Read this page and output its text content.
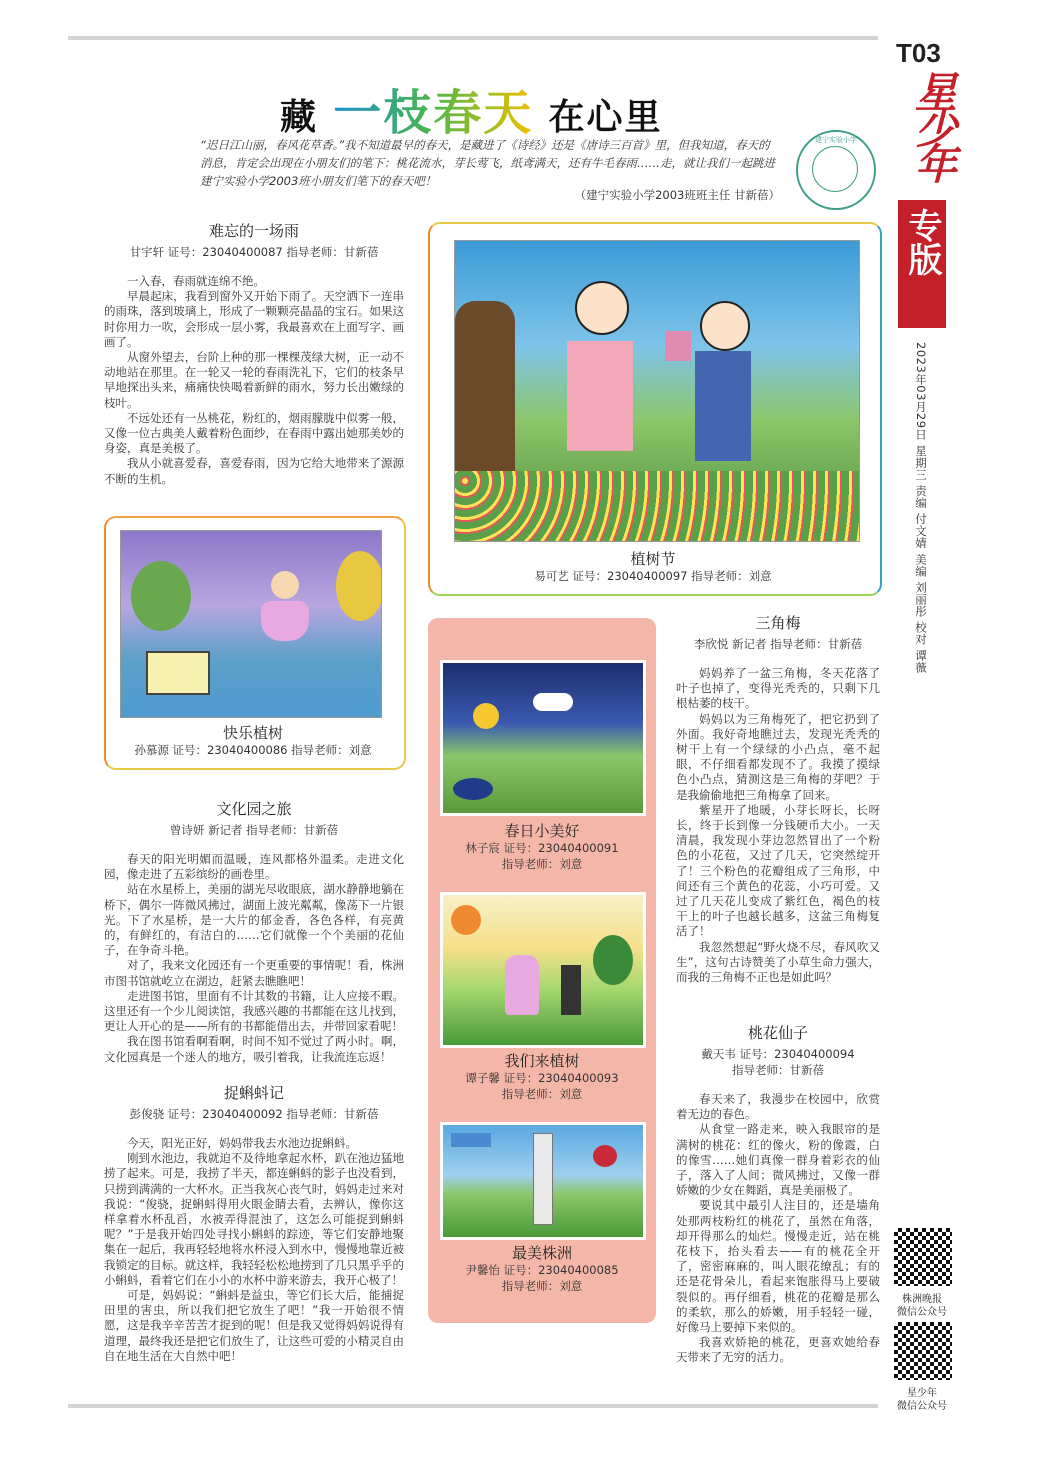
T03
星少年
专版
2023年03月29日 星期三 责编 付文婧 美编 刘丽彤 校对 谭薇
藏 一枝春天 在心里
“迟日江山丽，春风花草香。”我不知道最早的春天，是藏进了《诗经》还是《唐诗三百首》里，但我知道，春天的消息，肯定会出现在小朋友们的笔下：桃花流水，芽长莺飞，纸鸢满天，还有牛毛春雨……走，就让我们一起跳进建宁实验小学2003班小朋友们笔下的春天吧！
（建宁实验小学2003班班主任 甘新蓓）
建宁实验小学
难忘的一场雨
甘宇轩 证号：23040400087 指导老师：甘新蓓

一入春，春雨就连绵不绝。

早晨起床，我看到窗外又开始下雨了。天空洒下一连串的雨珠，落到玻璃上，形成了一颗颗亮晶晶的宝石。如果这时你用力一吹，会形成一层小雾，我最喜欢在上面写字、画画了。

从窗外望去，台阶上种的那一棵棵茂绿大树，正一动不动地站在那里。在一轮又一轮的春雨洗礼下，它们的枝条早早地探出头来，痛痛快快喝着新鲜的雨水，努力长出嫩绿的枝叶。

不远处还有一丛桃花，粉红的，烟雨朦胧中似雾一般，又像一位古典美人戴着粉色面纱，在春雨中露出她那美妙的身姿，真是美极了。

我从小就喜爱春，喜爱春雨，因为它给大地带来了源源不断的生机。

快乐植树
孙慕源 证号：23040400086 指导老师：刘意
文化园之旅
曾诗妍 新记者 指导老师：甘新蓓

春天的阳光明媚而温暖，连风都格外温柔。走进文化园，像走进了五彩缤纷的画卷里。

站在水星桥上，美丽的湖光尽收眼底，湖水静静地躺在桥下，偶尔一阵微风拂过，湖面上波光粼粼，像荡下一片银光。下了水星桥，是一大片的郁金香，各色各样，有亮黄的，有鲜红的，有洁白的……它们就像一个个美丽的花仙子，在争奇斗艳。

对了，我来文化园还有一个更重要的事情呢！看，株洲市图书馆就屹立在湖边，赶紧去瞧瞧吧！

走进图书馆，里面有不计其数的书籍，让人应接不暇。这里还有一个少儿阅读馆，我感兴趣的书都能在这儿找到，更让人开心的是——所有的书都能借出去，并带回家看呢！

我在图书馆看啊看啊，时间不知不觉过了两小时。啊，文化园真是一个迷人的地方，吸引着我，让我流连忘返！

捉蝌蚪记
彭俊骁 证号：23040400092 指导老师：甘新蓓

今天，阳光正好，妈妈带我去水池边捉蝌蚪。

刚到水池边，我就迫不及待地拿起水杯，趴在池边猛地捞了起来。可是，我捞了半天，都连蝌蚪的影子也没看到，只捞到满满的一大杯水。正当我灰心丧气时，妈妈走过来对我说：“俊骁，捉蝌蚪得用火眼金睛去看，去辨认，像你这样拿着水杯乱舀，水被弄得混浊了，这怎么可能捉到蝌蚪呢？”于是我开始四处寻找小蝌蚪的踪迹，等它们安静地聚集在一起后，我再轻轻地将水杯浸入到水中，慢慢地靠近被我锁定的目标。就这样，我轻轻松松地捞到了几只黑乎乎的小蝌蚪，看着它们在小小的水杯中游来游去，我开心极了！

可是，妈妈说：“蝌蚪是益虫，等它们长大后，能捕捉田里的害虫，所以我们把它放生了吧！”我一开始很不情愿，这是我辛辛苦苦才捉到的呢！但是我又觉得妈妈说得有道理，最终我还是把它们放生了，让这些可爱的小精灵自由自在地生活在大自然中吧！

植树节
易可艺 证号：23040400097 指导老师：刘意
春日小美好
林子宸 证号：23040400091
指导老师：刘意
我们来植树
谭子馨 证号：23040400093
指导老师：刘意
最美株洲
尹馨怡 证号：23040400085
指导老师：刘意
三角梅
李欣悦 新记者 指导老师：甘新蓓

妈妈养了一盆三角梅，冬天花落了叶子也掉了，变得光秃秃的，只剩下几根枯萎的枝干。

妈妈以为三角梅死了，把它扔到了外面。我好奇地瞧过去，发现光秃秃的树干上有一个绿绿的小凸点，毫不起眼，不仔细看都发现不了。我摸了摸绿色小凸点，猜测这是三角梅的芽吧？于是我偷偷地把三角梅拿了回来。

紫星开了地暖，小芽长呀长，长呀长，终于长到像一分钱硬币大小。一天清晨，我发现小芽边忽然冒出了一个粉色的小花苞，又过了几天，它突然绽开了！三个粉色的花瓣组成了三角形，中间还有三个黄色的花蕊，小巧可爱。又过了几天花儿变成了紫红色，褐色的枝干上的叶子也越长越多，这盆三角梅复活了！

我忽然想起“野火烧不尽，春风吹又生”，这句古诗赞美了小草生命力强大，而我的三角梅不正也是如此吗？

桃花仙子
戴天韦 证号：23040400094
指导老师：甘新蓓

春天来了，我漫步在校园中，欣赏着无边的春色。

从食堂一路走来，映入我眼帘的是满树的桃花：红的像火，粉的像霞，白的像雪……她们真像一群身着彩衣的仙子，落入了人间；微风拂过，又像一群娇嫩的少女在舞蹈，真是美丽极了。

要说其中最引人注目的，还是墙角处那两枝粉红的桃花了，虽然在角落，却开得那么的灿烂。慢慢走近，站在桃花枝下，抬头看去——有的桃花全开了，密密麻麻的，叫人眼花缭乱；有的还是花骨朵儿，看起来饱胀得马上要破裂似的。再仔细看，桃花的花瓣是那么的柔软，那么的娇嫩，用手轻轻一碰，好像马上要掉下来似的。

我喜欢娇艳的桃花，更喜欢她给春天带来了无穷的活力。

株洲晚报
微信公众号
星少年
微信公众号
